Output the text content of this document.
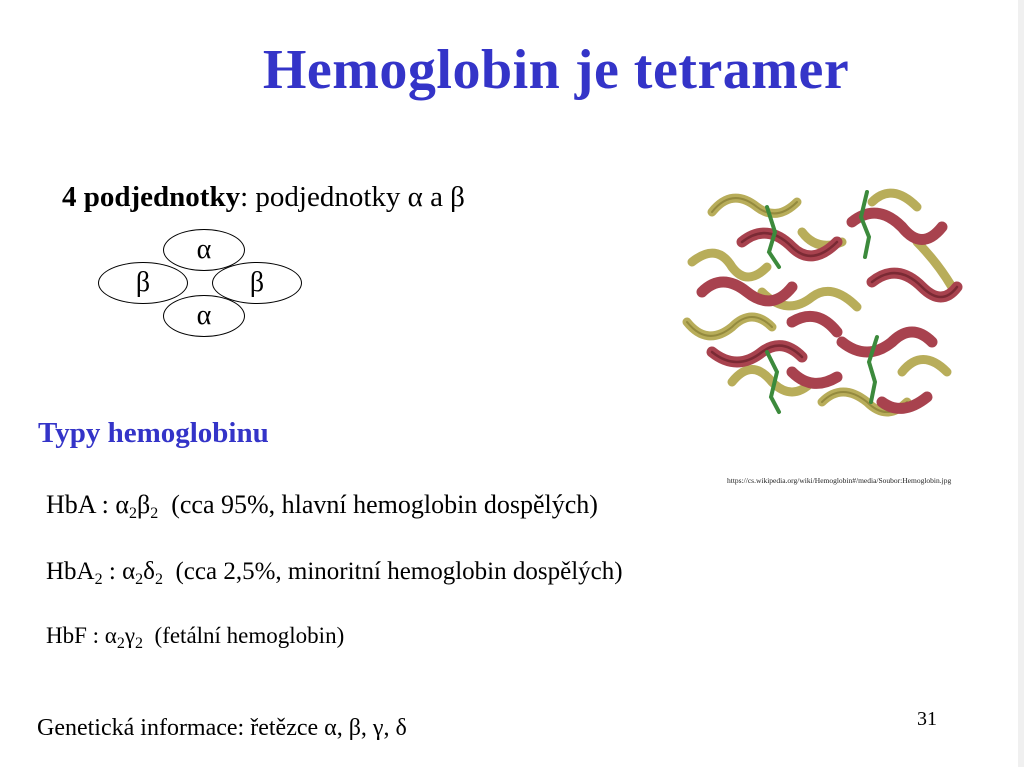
Hemoglobin je tetramer
4 podjednotky: podjednotky α a β
β	β
α
α
https://cs.wikipedia.org/wiki/Hemoglobin#/media/Soubor:Hemoglobin.jpg
Typy hemoglobinu
HbA : $\alpha_2\beta_2$ (cca 95%, hlavní hemoglobin dospělých)
HbA$_2$ : $\alpha_2\delta_2$ (cca 2,5%, minoritní hemoglobin dospělých)
HbF : $\alpha_2\gamma_2$ (fetální hemoglobin)
Genetická informace: řetězce α, β, γ, δ	31
